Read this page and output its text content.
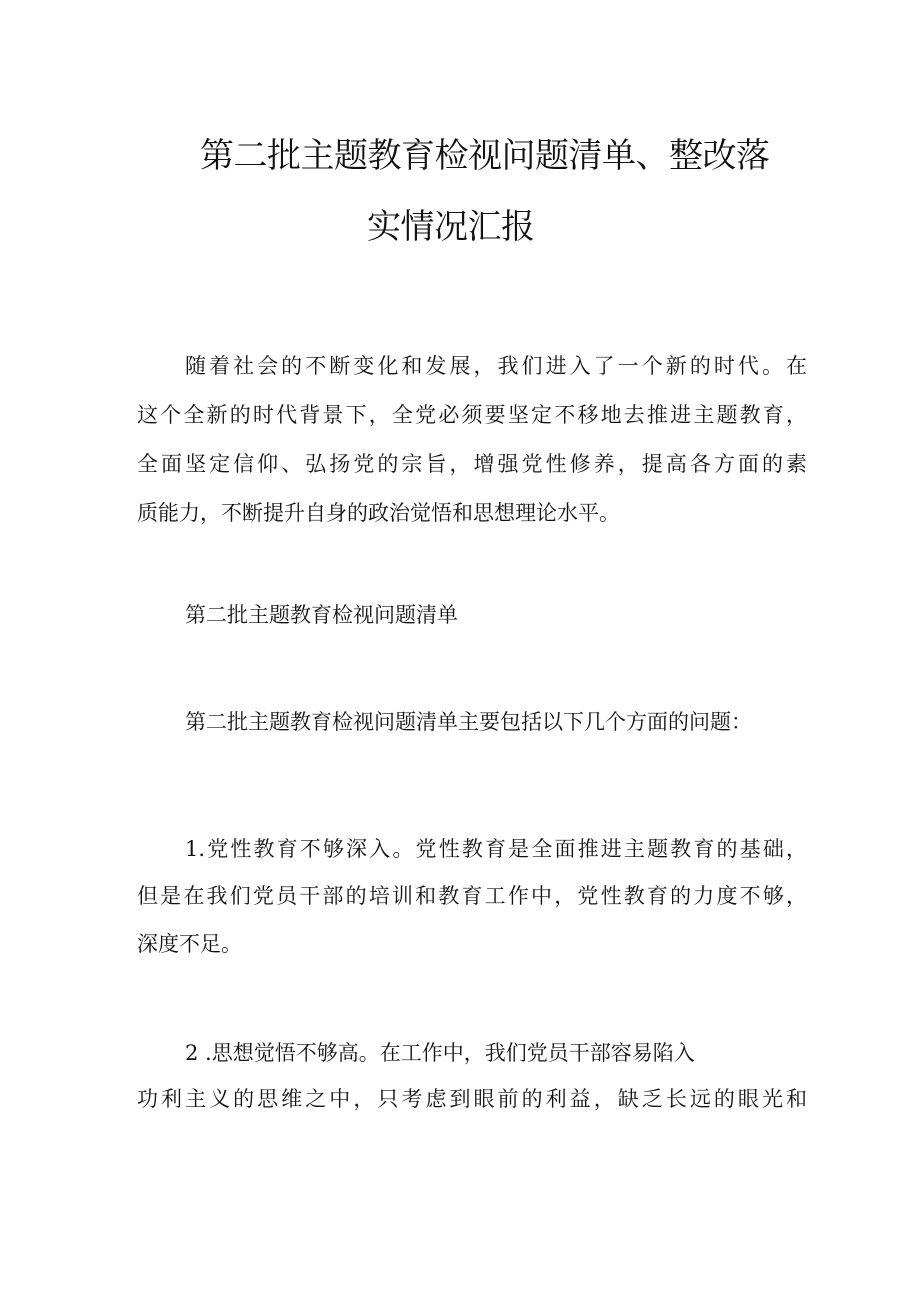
第二批主题教育检视问题清单、整改落
实情况汇报
随着社会的不断变化和发展，我们进入了一个新的时代。在
这个全新的时代背景下，全党必须要坚定不移地去推进主题教育，
全面坚定信仰、弘扬党的宗旨，增强党性修养，提高各方面的素
质能力，不断提升自身的政治觉悟和思想理论水平。
第二批主题教育检视问题清单
第二批主题教育检视问题清单主要包括以下几个方面的问题：
1.党性教育不够深入。党性教育是全面推进主题教育的基础，
但是在我们党员干部的培训和教育工作中，党性教育的力度不够，
深度不足。
2 .思想觉悟不够高。在工作中，我们党员干部容易陷入
功利主义的思维之中，只考虑到眼前的利益，缺乏长远的眼光和
